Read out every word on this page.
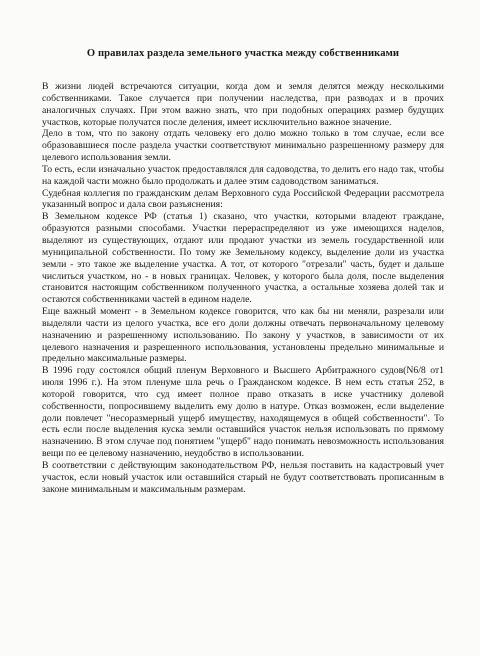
О правилах раздела земельного участка между собственниками

В жизни людей встречаются ситуации, когда дом и земля делятся между несколькими собственниками. Такое случается при получении наследства, при разводах и в прочих аналогичных случаях. При этом важно знать, что при подобных операциях размер будущих участков, которые получатся после деления, имеет исключительно важное значение.

Дело в том, что по закону отдать человеку его долю можно только в том случае, если все образовавшиеся после раздела участки соответствуют минимально разрешенному размеру для целевого использования земли.

То есть, если изначально участок предоставлялся для садоводства, то делить его надо так, чтобы на каждой части можно было продолжать и далее этим садоводством заниматься.

Судебная коллегия по гражданским делам Верховного суда Российской Федерации рассмотрела указанный вопрос и дала свои разъяснения:

В Земельном кодексе РФ (статья 1) сказано, что участки, которыми владеют граждане, образуются разными способами. Участки перераспределяют из уже имеющихся наделов, выделяют из существующих, отдают или продают участки из земель государственной или муниципальной собственности. По тому же Земельному кодексу, выделение доли из участка земли - это такое же выделение участка. А тот, от которого "отрезали" часть, будет и дальше числиться участком, но - в новых границах. Человек, у которого была доля, после выделения становится настоящим собственником полученного участка, а остальные хозяева долей так и остаются собственниками частей в едином наделе.

Еще важный момент - в Земельном кодексе говорится, что как бы ни меняли, разрезали или выделяли части из целого участка, все его доли должны отвечать первоначальному целевому назначению и разрешенному использованию. По закону у участков, в зависимости от их целевого назначения и разрешенного использования, установлены предельно минимальные и предельно максимальные размеры.

В 1996 году состоялся общий пленум Верховного и Высшего Арбитражного судов(N6/8 от1 июля 1996 г.). На этом пленуме шла речь о Гражданском кодексе. В нем есть статья 252, в которой говорится, что суд имеет полное право отказать в иске участнику долевой собственности, попросившему выделить ему долю в натуре. Отказ возможен, если выделение доли повлечет "несоразмерный ущерб имуществу, находящемуся в общей собственности". То есть если после выделения куска земли оставшийся участок нельзя использовать по прямому назначению. В этом случае под понятием "ущерб" надо понимать невозможность использования вещи по ее целевому назначению, неудобство в использовании.

В соответствии с действующим законодательством РФ, нельзя поставить на кадастровый учет участок, если новый участок или оставшийся старый не будут соответствовать прописанным в законе минимальным и максимальным размерам.
